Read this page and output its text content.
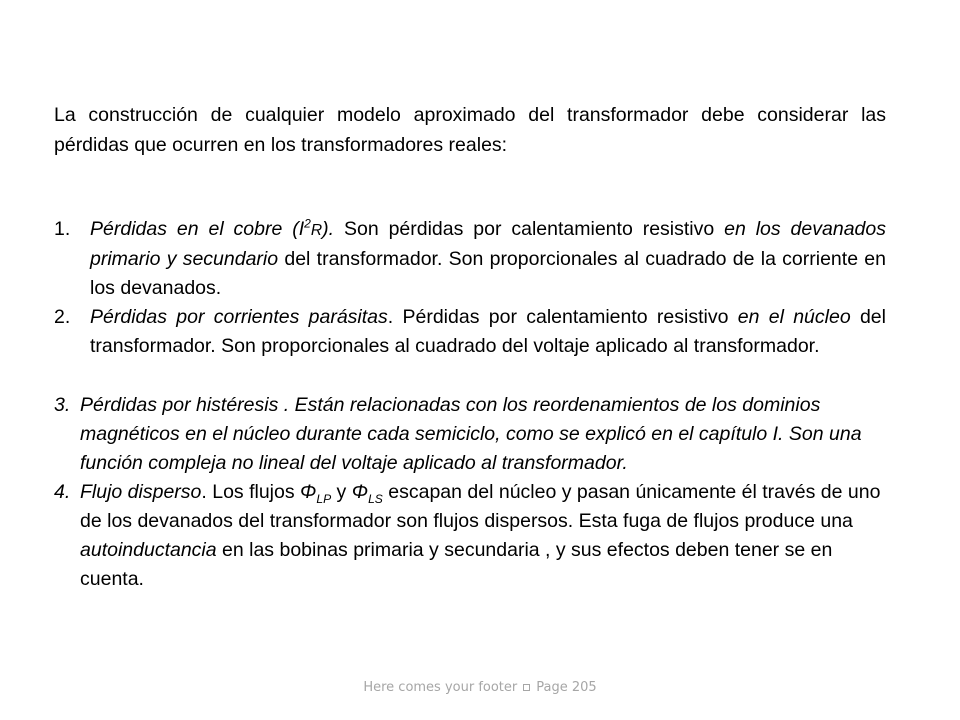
La construcción de cualquier modelo aproximado del transformador debe considerar las pérdidas que ocurren en los transformadores reales:
1.	Pérdidas en el cobre $(I^2R)$. Son pérdidas por calentamiento resistivo en los devanados primario y secundario del transformador. Son proporcionales al cuadrado de la corriente en los devanados.
2.	Pérdidas por corrientes parásitas. Pérdidas por calentamiento resistivo en el núcleo del transformador. Son proporcionales al cuadrado del voltaje aplicado al transformador.
3. Pérdidas por histéresis . Están relacionadas con los reordenamientos de los dominios magnéticos en el núcleo durante cada semiciclo, como se explicó en el capítulo I. Son una función compleja no lineal del voltaje aplicado al transformador.
4. Flujo disperso. Los flujos $\Phi_{LP}$ y $\Phi_{LS}$ escapan del núcleo y pasan únicamente él través de uno de los devanados del transformador son flujos dispersos. Esta fuga de flujos produce una autoinductancia en las bobinas primaria y secundaria , y sus efectos deben tener se en cuenta.
Here comes your footer Page 205
